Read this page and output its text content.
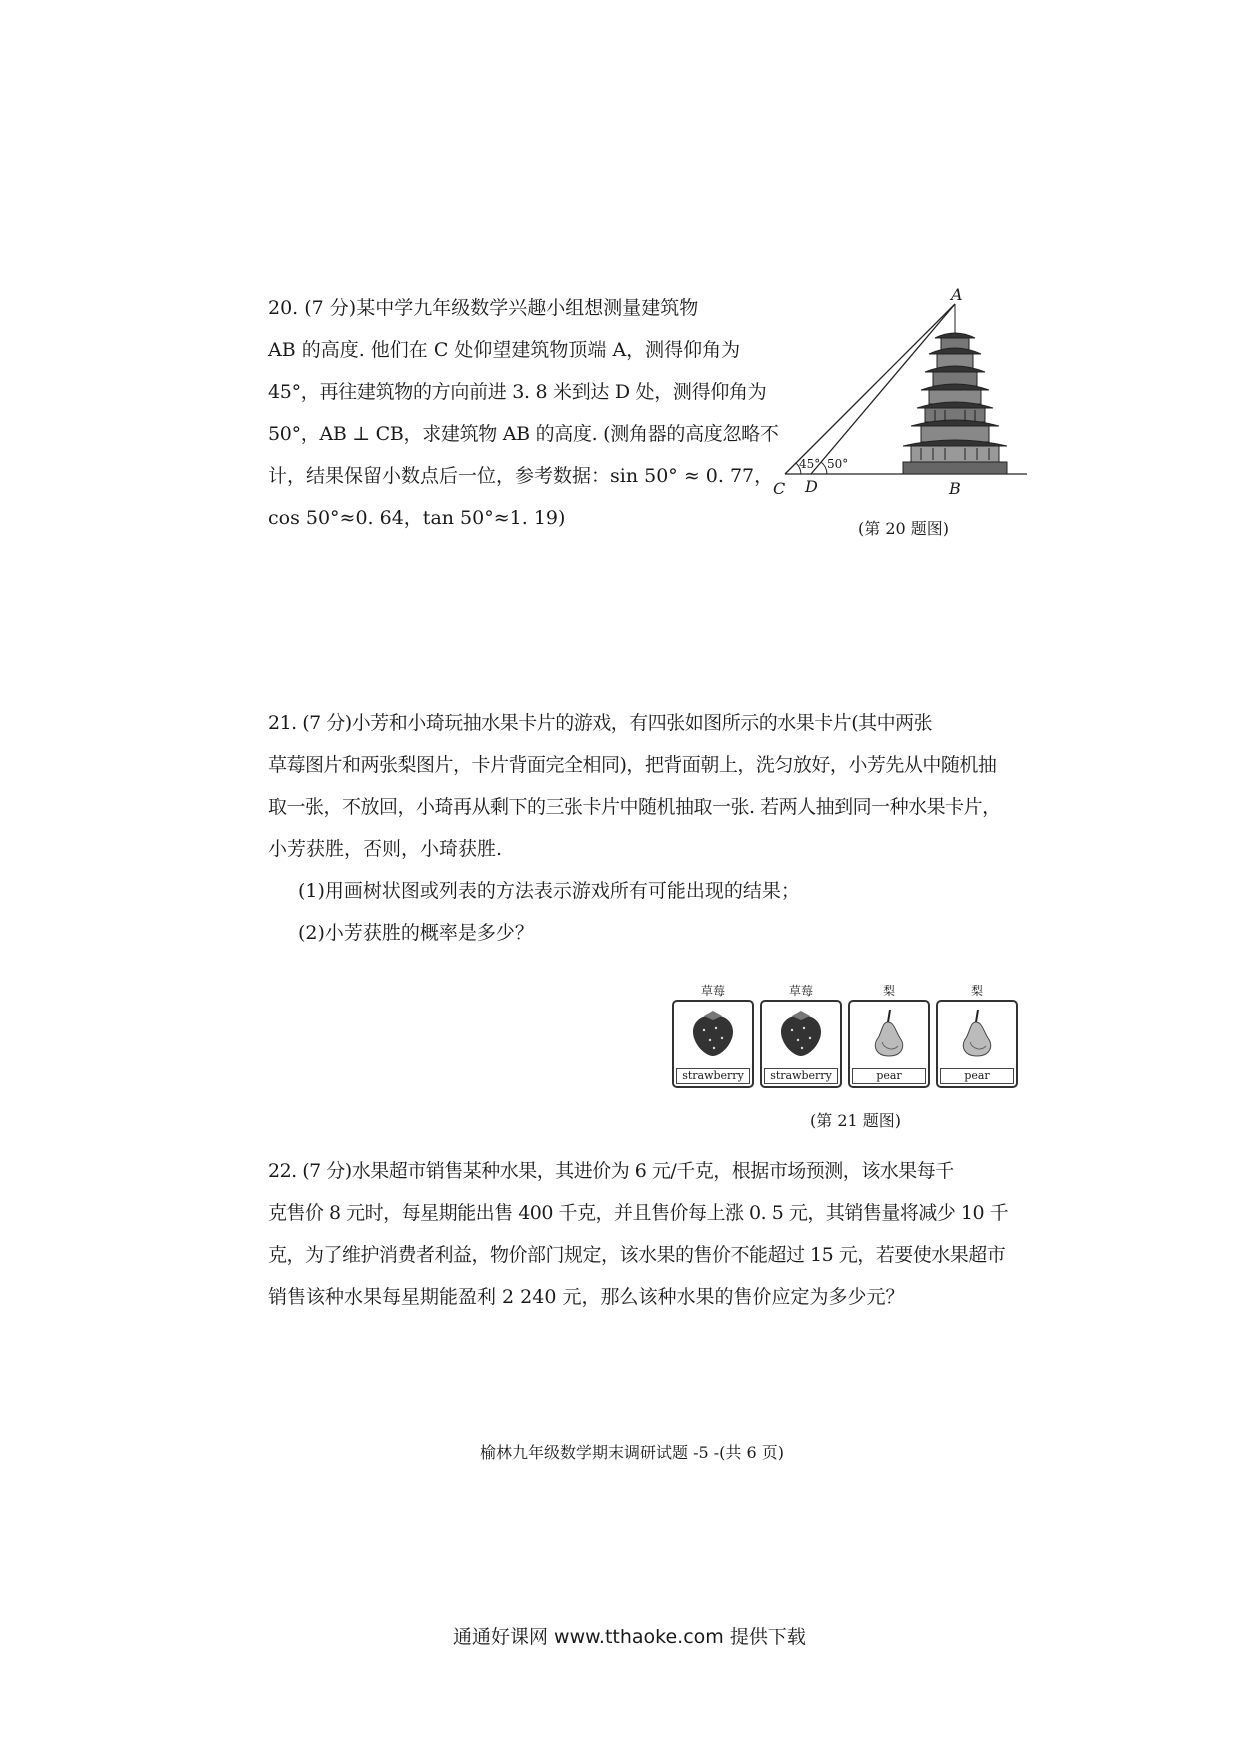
20. (7 分)某中学九年级数学兴趣小组想测量建筑物
AB 的高度. 他们在 C 处仰望建筑物顶端 A，测得仰角为
45°，再往建筑物的方向前进 3. 8 米到达 D 处，测得仰角为
50°，AB ⊥ CB，求建筑物 AB 的高度. (测角器的高度忽略不
计，结果保留小数点后一位，参考数据：sin 50° ≈ 0. 77，
cos 50°≈0. 64，tan 50°≈1. 19)
A
B
C D
45° 50°
(第 20 题图)
21. (7 分)小芳和小琦玩抽水果卡片的游戏，有四张如图所示的水果卡片(其中两张
草莓图片和两张梨图片，卡片背面完全相同)，把背面朝上，洗匀放好，小芳先从中随机抽
取一张，不放回，小琦再从剩下的三张卡片中随机抽取一张. 若两人抽到同一种水果卡片，
小芳获胜，否则，小琦获胜.
(1)用画树状图或列表的方法表示游戏所有可能出现的结果；
(2)小芳获胜的概率是多少？
草莓
strawberry
草莓
strawberry
梨
pear
梨
pear
(第 21 题图)
22. (7 分)水果超市销售某种水果，其进价为 6 元/千克，根据市场预测，该水果每千
克售价 8 元时，每星期能出售 400 千克，并且售价每上涨 0. 5 元，其销售量将减少 10 千
克，为了维护消费者利益，物价部门规定，该水果的售价不能超过 15 元，若要使水果超市
销售该种水果每星期能盈利 2 240 元，那么该种水果的售价应定为多少元？
榆林九年级数学期末调研试题 -5 -(共 6 页)
通通好课网 www.tthaoke.com 提供下载
